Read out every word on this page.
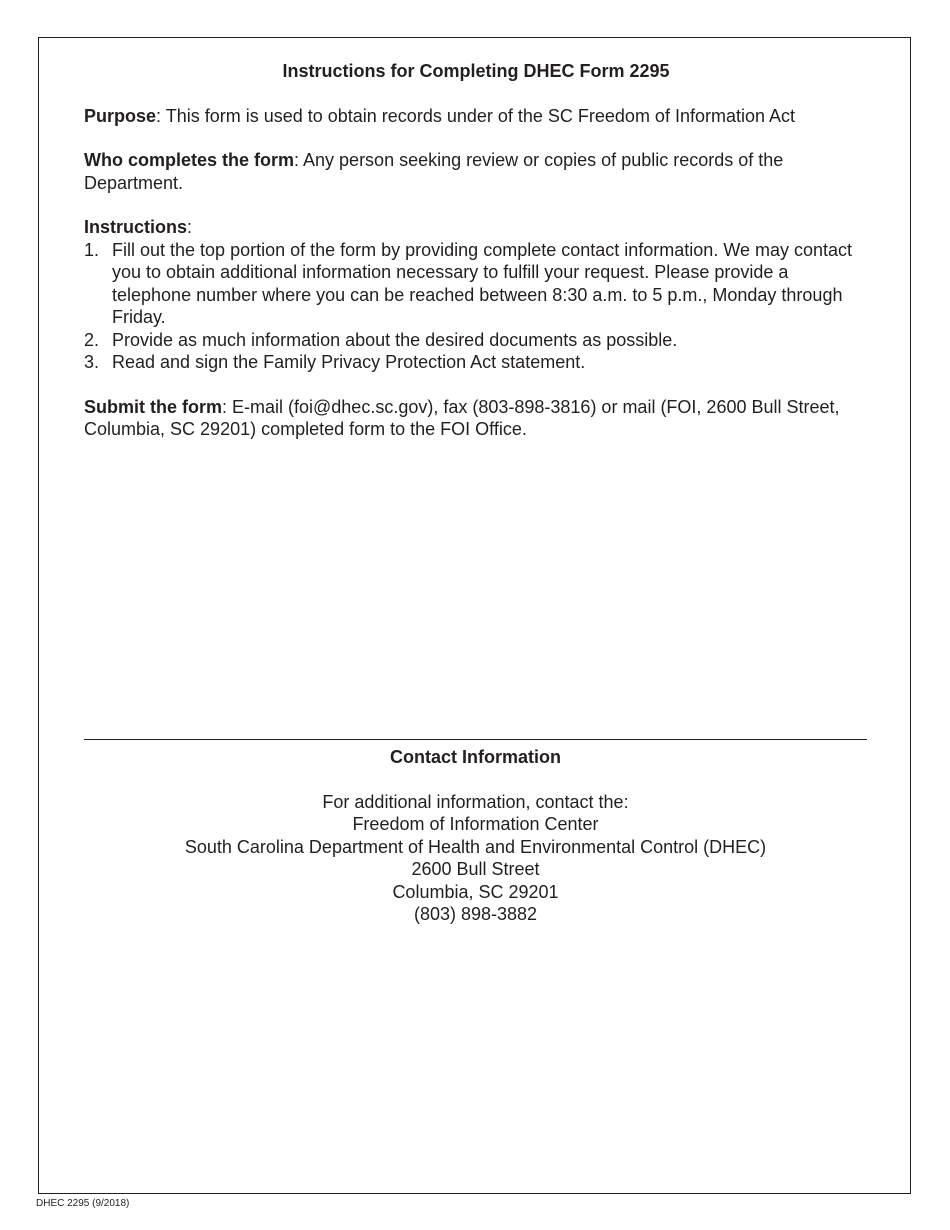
Instructions for Completing DHEC Form 2295

Purpose: This form is used to obtain records under of the SC Freedom of Information Act

Who completes the form: Any person seeking review or copies of public records of the Department.

Instructions:
1. Fill out the top portion of the form by providing complete contact information. We may contact you to obtain additional information necessary to fulfill your request. Please provide a telephone number where you can be reached between 8:30 a.m. to 5 p.m., Monday through Friday.
2. Provide as much information about the desired documents as possible.
3. Read and sign the Family Privacy Protection Act statement.

Submit the form: E-mail (foi@dhec.sc.gov), fax (803-898-3816) or mail (FOI, 2600 Bull Street, Columbia, SC 29201) completed form to the FOI Office.

Contact Information
For additional information, contact the:
Freedom of Information Center
South Carolina Department of Health and Environmental Control (DHEC)
2600 Bull Street
Columbia, SC 29201
(803) 898-3882
DHEC 2295 (9/2018)
